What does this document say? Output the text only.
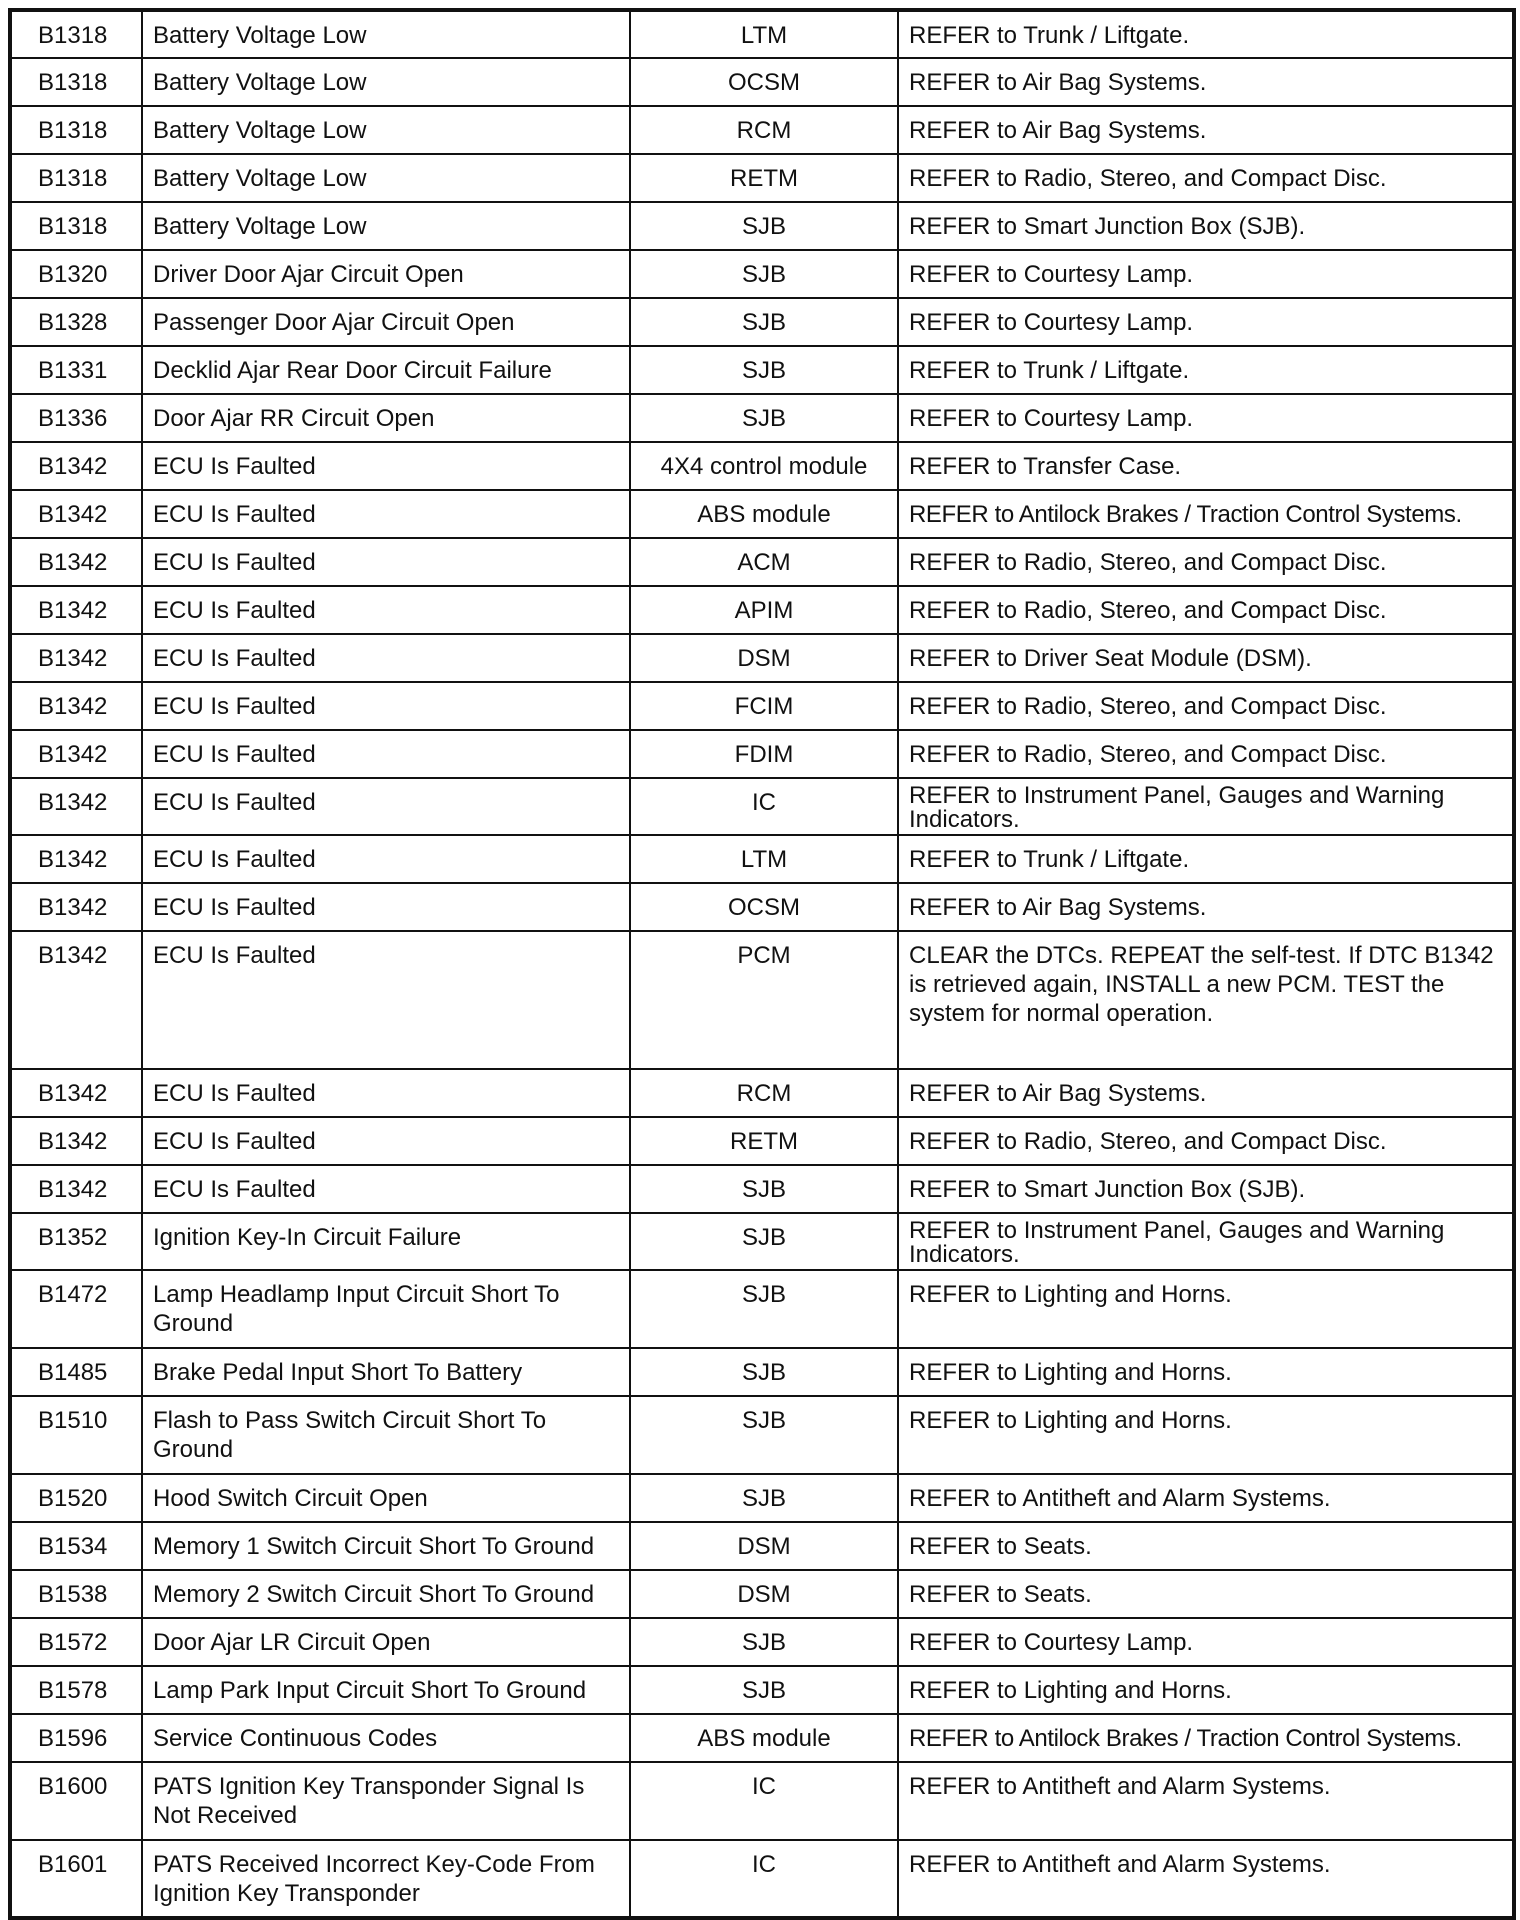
B1318	Battery Voltage Low	LTM	REFER to Trunk / Liftgate.
B1318	Battery Voltage Low	OCSM	REFER to Air Bag Systems.
B1318	Battery Voltage Low	RCM	REFER to Air Bag Systems.
B1318	Battery Voltage Low	RETM	REFER to Radio, Stereo, and Compact Disc.
B1318	Battery Voltage Low	SJB	REFER to Smart Junction Box (SJB).
B1320	Driver Door Ajar Circuit Open	SJB	REFER to Courtesy Lamp.
B1328	Passenger Door Ajar Circuit Open	SJB	REFER to Courtesy Lamp.
B1331	Decklid Ajar Rear Door Circuit Failure	SJB	REFER to Trunk / Liftgate.
B1336	Door Ajar RR Circuit Open	SJB	REFER to Courtesy Lamp.
B1342	ECU Is Faulted	4X4 control module	REFER to Transfer Case.
B1342	ECU Is Faulted	ABS module	REFER to Antilock Brakes / Traction Control Systems.
B1342	ECU Is Faulted	ACM	REFER to Radio, Stereo, and Compact Disc.
B1342	ECU Is Faulted	APIM	REFER to Radio, Stereo, and Compact Disc.
B1342	ECU Is Faulted	DSM	REFER to Driver Seat Module (DSM).
B1342	ECU Is Faulted	FCIM	REFER to Radio, Stereo, and Compact Disc.
B1342	ECU Is Faulted	FDIM	REFER to Radio, Stereo, and Compact Disc.
B1342	ECU Is Faulted	IC	REFER to Instrument Panel, Gauges and Warning Indicators.
B1342	ECU Is Faulted	LTM	REFER to Trunk / Liftgate.
B1342	ECU Is Faulted	OCSM	REFER to Air Bag Systems.
B1342	ECU Is Faulted	PCM	CLEAR the DTCs. REPEAT the self-test. If DTC B1342 is retrieved again, INSTALL a new PCM. TEST the system for normal operation.
B1342	ECU Is Faulted	RCM	REFER to Air Bag Systems.
B1342	ECU Is Faulted	RETM	REFER to Radio, Stereo, and Compact Disc.
B1342	ECU Is Faulted	SJB	REFER to Smart Junction Box (SJB).
B1352	Ignition Key-In Circuit Failure	SJB	REFER to Instrument Panel, Gauges and Warning Indicators.
B1472	Lamp Headlamp Input Circuit Short To Ground	SJB	REFER to Lighting and Horns.
B1485	Brake Pedal Input Short To Battery	SJB	REFER to Lighting and Horns.
B1510	Flash to Pass Switch Circuit Short To Ground	SJB	REFER to Lighting and Horns.
B1520	Hood Switch Circuit Open	SJB	REFER to Antitheft and Alarm Systems.
B1534	Memory 1 Switch Circuit Short To Ground	DSM	REFER to Seats.
B1538	Memory 2 Switch Circuit Short To Ground	DSM	REFER to Seats.
B1572	Door Ajar LR Circuit Open	SJB	REFER to Courtesy Lamp.
B1578	Lamp Park Input Circuit Short To Ground	SJB	REFER to Lighting and Horns.
B1596	Service Continuous Codes	ABS module	REFER to Antilock Brakes / Traction Control Systems.
B1600	PATS Ignition Key Transponder Signal Is Not Received	IC	REFER to Antitheft and Alarm Systems.
B1601	PATS Received Incorrect Key-Code From Ignition Key Transponder	IC	REFER to Antitheft and Alarm Systems.
